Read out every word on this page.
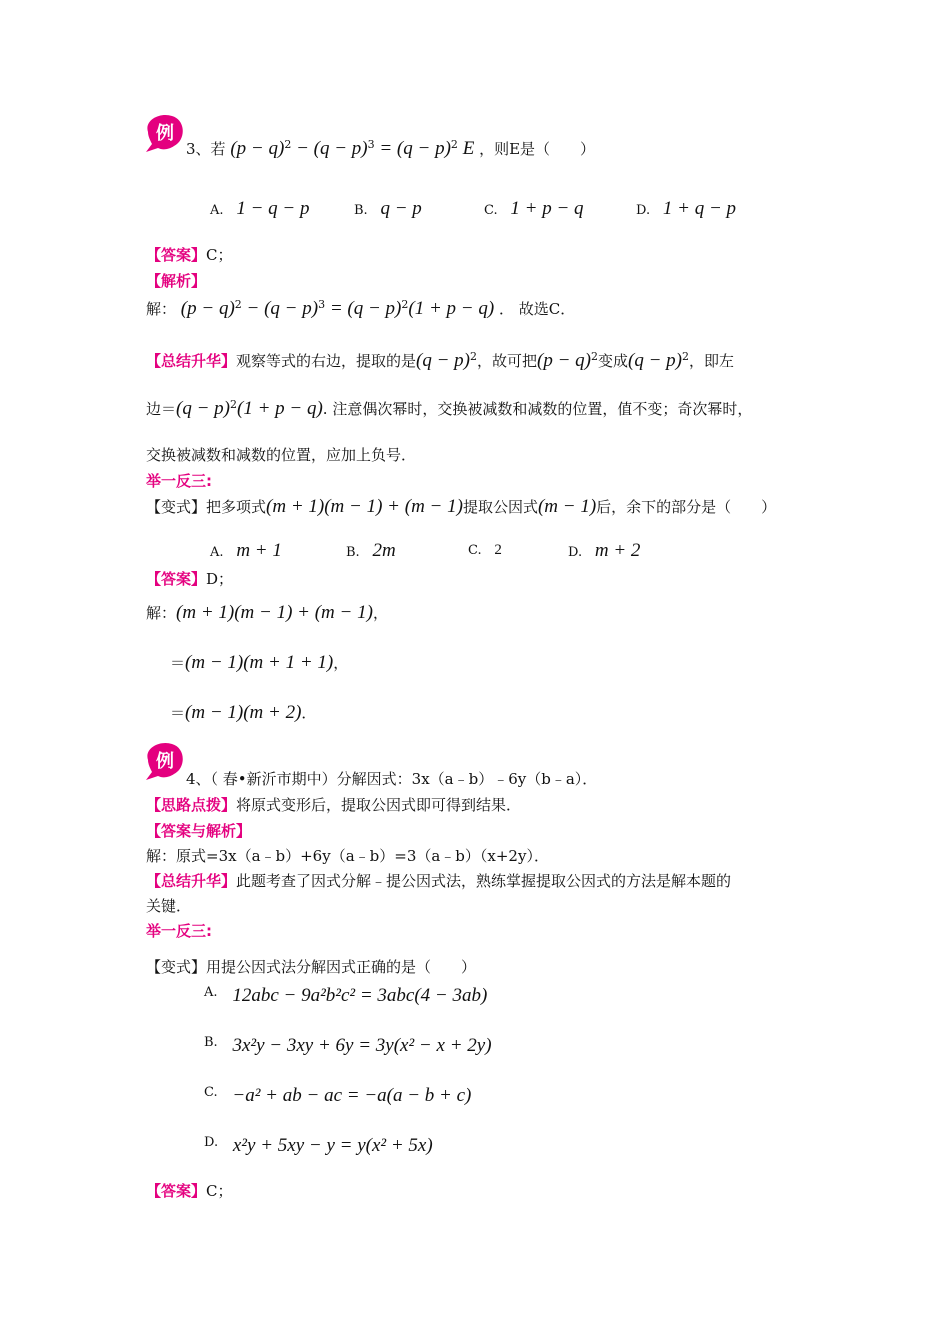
例
3、若 $(p - q)^2 - (q - p)^3 = (q - p)^2$ E ，则E是（　　）
A. 1 − q − p	B. q − p	C. 1 + p − q	D. 1 + q − p
【答案】C；
【解析】
解： $(p - q)^2 - (q - p)^3 = (q - p)^2(1 + p - q)$ ． 故选C．
【总结升华】观察等式的右边，提取的是$(q - p)^2$，故可把$(p - q)^2$变成$(q - p)^2$，即左
边$=(q - p)^2(1 + p - q)$. 注意偶次幂时，交换被减数和减数的位置，值不变；奇次幂时，
交换被减数和减数的位置，应加上负号．
举一反三:
【变式】把多项式(m + 1)(m − 1) + (m − 1)提取公因式(m − 1)后，余下的部分是（　　）
A. m + 1	B. 2m	C. 2	D. m + 2
【答案】D；
解：(m + 1)(m − 1) + (m − 1)，
＝(m − 1)(m + 1 + 1)，
＝(m − 1)(m + 2)．
例
4、（ 春•新沂市期中）分解因式：3x（a﹣b）﹣6y（b﹣a）．
【思路点拨】将原式变形后，提取公因式即可得到结果．
【答案与解析】
解：原式=3x（a﹣b）+6y（a﹣b）=3（a﹣b）（x+2y）．
【总结升华】此题考查了因式分解﹣提公因式法，熟练掌握提取公因式的方法是解本题的
关键．
举一反三:
【变式】用提公因式法分解因式正确的是（　　）
A. 12abc − 9a²b²c² = 3abc(4 − 3ab)
B. 3x²y − 3xy + 6y = 3y(x² − x + 2y)
C. −a² + ab − ac = −a(a − b + c)
D. x²y + 5xy − y = y(x² + 5x)
【答案】C；
